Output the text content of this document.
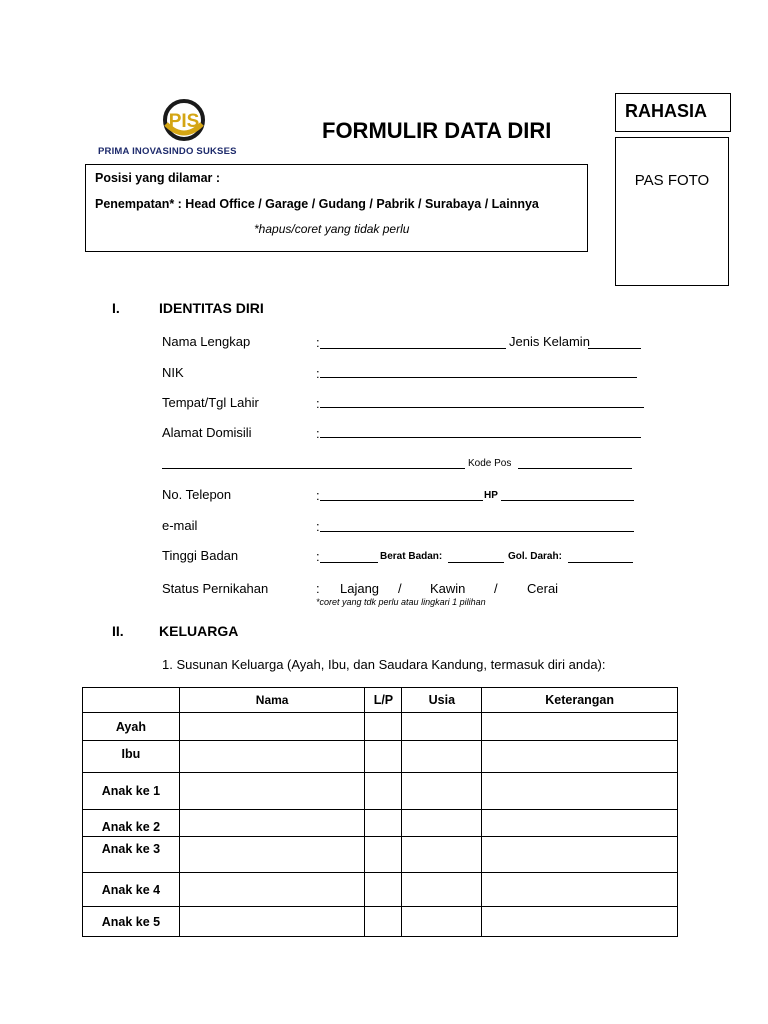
PIS
PRIMA INOVASINDO SUKSES
FORMULIR DATA DIRI
RAHASIA
PAS FOTO
Posisi yang dilamar :
Penempatan* : Head Office / Garage / Gudang / Pabrik / Surabaya / Lainnya
*hapus/coret yang tidak perlu
I.	IDENTITAS DIRI
Nama Lengkap	:	Jenis Kelamin
NIK	:
Tempat/Tgl Lahir	:
Alamat Domisili	:
Kode Pos
No. Telepon	:	HP
e-mail	:
Tinggi Badan	:	Berat Badan:	Gol. Darah:
Status Pernikahan	: Lajang / Kawin / Cerai
*coret yang tdk perlu atau lingkari 1 pilihan
II.	KELUARGA
1. Susunan Keluarga (Ayah, Ibu, dan Saudara Kandung, termasuk diri anda):
	Nama	L/P	Usia	Keterangan
Ayah				
Ibu				
Anak ke 1				
Anak ke 2				
Anak ke 3				
Anak ke 4				
Anak ke 5				
